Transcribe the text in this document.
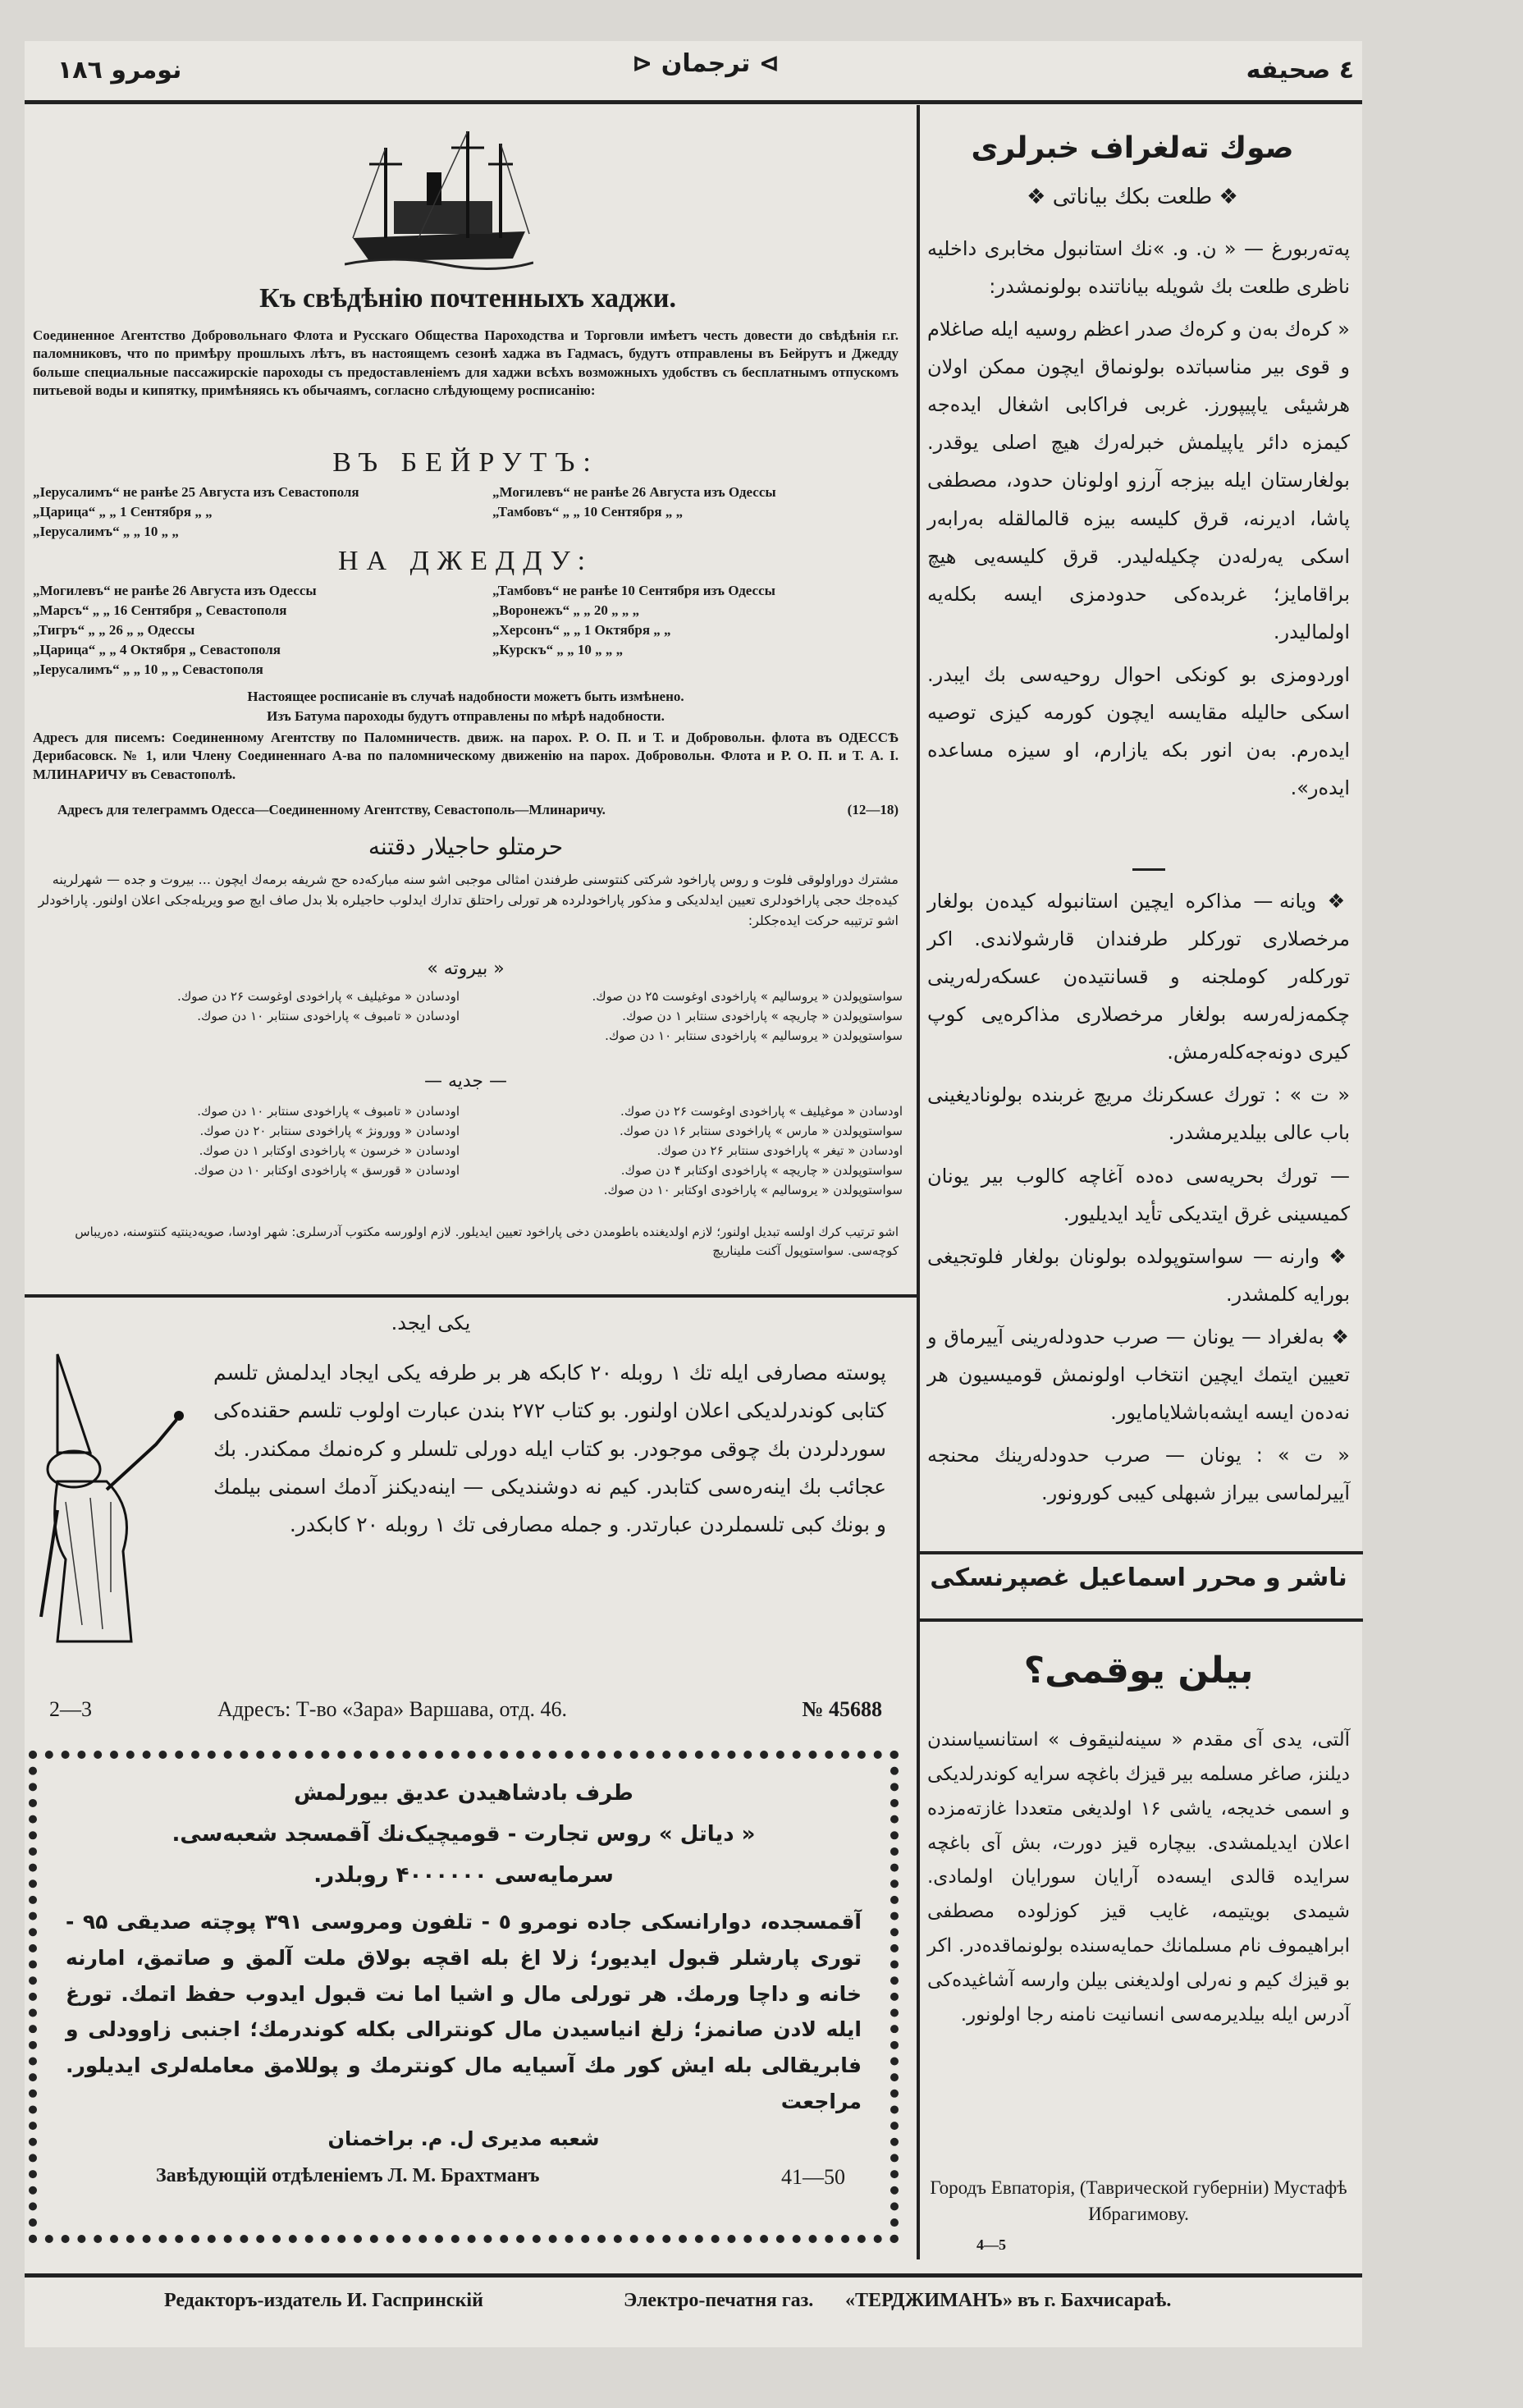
نومرو ١٨٦	⊳ ترجمان ⊲	٤ صحیفه
Къ свѣдѣнію почтенныхъ хаджи.
Соединенное Агентство Добровольнаго Флота и Русскаго Общества Пароходства и Торговли имѣетъ честь довести до свѣдѣнія г.г. паломниковъ, что по примѣру прошлыхъ лѣтъ, въ настоящемъ сезонѣ хаджа въ Гадмасъ, будутъ отправлены въ Бейрутъ и Джедду больше специальные пассажирскіе пароходы съ предоставленіемъ для хаджи всѣхъ возможныхъ удобствъ съ бесплатнымъ отпускомъ питьевой воды и кипятку, примѣняясь къ обычаямъ, согласно слѣдующему росписанію:
ВЪ БЕЙРУТЪ:
„Іерусалимъ“ не ранѣе 25 Августа изъ Севастополя	„Могилевъ“ не ранѣе 26 Августа изъ Одессы
„Царица“ „ „ 1 Сентября „ „	„Тамбовъ“ „ „ 10 Сентября „ „
„Іерусалимъ“ „ „ 10 „ „
НА ДЖЕДДУ:
„Могилевъ“ не ранѣе 26 Августа изъ Одессы	„Тамбовъ“ не ранѣе 10 Сентября изъ Одессы
„Марсъ“ „ „ 16 Сентября „ Севастополя	„Воронежъ“ „ „ 20 „ „ „
„Тигръ“ „ „ 26 „ „ Одессы	„Херсонъ“ „ „ 1 Октября „ „
„Царица“ „ „ 4 Октября „ Севастополя	„Курскъ“ „ „ 10 „ „ „
„Іерусалимъ“ „ „ 10 „ „ Севастополя
Настоящее росписаніе въ случаѣ надобности можетъ быть измѣнено.
Изъ Батума пароходы будутъ отправлены по мѣрѣ надобности.
Адресъ для писемъ: Соединенному Агентству по Паломничеств. движ. на парох. Р. О. П. и Т. и Добровольн. флота въ ОДЕССѢ Дерибасовск. № 1, или Члену Соединеннаго А-ва по паломническому движенію на парох. Добровольн. Флота и Р. О. П. и Т. А. І. МЛИНАРИЧУ въ Севастополѣ.
Адресъ для телеграммъ Одесса—Соединенному Агентству, Севастополь—Млинаричу.	(12—18)
حرمتلو حاجیلار دقتنه
مشترك دوراولوقی فلوت و روس پاراخود شرکتی کنتوسنی طرفندن امثالی موجبی اشو سنه مبارکه‌ده حج شریفه برمه‌ك ایچون ... بیروت و جده — شهرلرینه کیده‌جك حجی پاراخودلری تعیین ایدلدیکی و مذکور پاراخودلرده هر تورلی راحتلق تدارك ایدلوب حاجیلره بلا بدل صاف ایچ صو ویریله‌جکی اعلان اولنور. پاراخودلر اشو ترتیبه حرکت ایده‌جکلر:
« بیروته »
سواستوپولدن « یروسالیم » پاراخودی اوغوست ۲۵ دن صوك.
اودسادن « موغیلیف » پاراخودی اوغوست ۲۶ دن صوك.
سواستوپولدن « چاریچه » پاراخودی سنتابر ۱ دن صوك.
اودسادن « تامبوف » پاراخودی سنتابر ۱۰ دن صوك.
سواستوپولدن « یروسالیم » پاراخودی سنتابر ۱۰ دن صوك.
— جدیه —
اودسادن « موغیلیف » پاراخودی اوغوست ۲۶ دن صوك.
اودسادن « تامبوف » پاراخودی سنتابر ۱۰ دن صوك.
سواستوپولدن « مارس » پاراخودی سنتابر ۱۶ دن صوك.
اودسادن « وورونژ » پاراخودی سنتابر ۲۰ دن صوك.
اودسادن « تیغر » پاراخودی سنتابر ۲۶ دن صوك.
اودسادن « خرسون » پاراخودی اوکتابر ۱ دن صوك.
سواستوپولدن « چاریچه » پاراخودی اوکتابر ۴ دن صوك.
اودسادن « قورسق » پاراخودی اوکتابر ۱۰ دن صوك.
سواستوپولدن « یروسالیم » پاراخودی اوکتابر ۱۰ دن صوك.
اشو ترتیب کرك اولسه تبدیل اولنور؛ لازم اولدیغنده باطومدن دخی پاراخود تعیین ایدیلور. لازم اولورسه مکتوب آدرسلری: شهر اودسا، صویه‌دینتیه کنتوسنه، ده‌ریباس کوچه‌سی. سواستوپول آکنت ملیناریچ
یکی ایجد.
پوسته مصارفی ایله تك ۱ روبله ۲۰ کابکه هر بر طرفه یکی ایجاد ایدلمش تلسم کتابی کوندرلدیکی اعلان اولنور. بو کتاب ۲۷۲ بندن عبارت اولوب تلسم حقنده‌کی سوردلردن بك چوقی موجودر. بو کتاب ایله دورلی تلسلر و کره‌نمك ممکندر. بك عجائب بك اینه‌ره‌سی کتابدر. کیم نه دوشندیکی — اینه‌دیکنز آدمك اسمنی بیلمك و بونك کبی تلسملردن عبارتدر. و جمله مصارفی تك ۱ روبله ۲۰ کابکدر.
2—3	Адресъ: Т-во «Зара» Варшава, отд. 46.	№ 45688
طرف بادشاهیدن عدیق بیورلمش
« دیاتل » روس تجارت - قومیچیک‌نك آقمسجد شعبه‌سی.
سرمایه‌سی ۴۰۰۰۰۰۰ روبلدر.
آقمسجده، دوارانسکی جاده نومرو ٥ - تلفون ومروسی ۳۹۱ پوچته صدیقی ۹۵ - توری پارشلر قبول ایدیور؛ زلا اغ بله اقچه بولاق ملت آلمق و صاتمق، امارنه خانه و داچا ورمك. هر تورلی مال و اشیا اما نت قبول ایدوب حفظ اتمك. تورغ ایله لادن صانمز؛ زلغ انیاسیدن مال کونترالی بکله کوندرمك؛ اجنبی زاوودلی و فابریقالی بله ایش کور مك آسیایه مال کونترمك و پوللامق معامله‌لری ایدیلور. مراجعت
شعبه مدیری ل. م. براخمنان
Завѣдующій отдѣленіемъ Л. М. Брахтманъ	41—50
صوك ته‌لغراف خبرلری
❖ طلعت بکك بیاناتی ❖

پەتەربورغ — « ن. و. »نك استانبول مخابری داخلیه ناظری طلعت بك شویله بیاناتنده بولونمشدر:

« کرەك بەن و کرەك صدر اعظم روسیه ایله صاغلام و قوی بیر مناسباتده بولونماق ایچون ممکن اولان هرشیئی یاپیپورز. غربی فراکابی اشغال ایدەجه کیمزه دائر یاپیلمش خبرلەرك هیچ اصلی یوقدر. بولغارستان ایله بیزجه آرزو اولونان حدود، مصطفی پاشا، ادیرنه، قرق کلیسه بیزه قالمالقله بەرابەر اسکی یەرلەدن چکیله‌لیدر. قرق کلیسەیی هیچ براقامایز؛ غربده‌کی حدودمزی ایسه بکلەیه اولمالیدر.

اوردومزی بو کونکی احوال روحیه‌سی بك ایبدر. اسکی حالیله مقایسه ایچون کورمه کیزی توصیه ایدەرم. بەن انور بکه یازارم، او سیزه مساعده ایدەر».

❖ ویانه — مذاکره ایچین استانبولە کیدەن بولغار مرخصلاری تورکلر طرفندان قارشولاندی. اکر تورکلەر کوملجنه و قسانتیدەن عسکەرلەرینی چکمەزلەرسه بولغار مرخصلاری مذاکرەیی کوپ کیری دونەجەکلەرمش.

« ت » : تورك عسکرنك مریچ غربنده بولونادیغینی باب عالی بیلدیرمشدر.

— تورك بحریەسی دەده آغاچه کالوب بیر یونان کمیسینی غرق ایتدیکی تأید ایدیلیور.

❖ وارنه — سواستوپولده بولونان بولغار فلوتجیغی بورایه کلمشدر.

❖ بەلغراد — یونان — صرب حدودلەرینی آییرماق و تعیین ایتمك ایچین انتخاب اولونمش قومیسیون هر نەدەن ایسه ایشەباشلایامایور.

« ت » : یونان — صرب حدودلەرینك محنجه آییرلماسی بیراز شبهلی کیبی کورونور.

ناشر و محرر اسماعیل غصپرنسکی
بیلن یوقمی؟
آلتی، یدی آی مقدم « سینه‌لنیقوف » استانسیاسندن دیلنز، صاغر مسلمه بیر قیزك باغچه سرایه کوندرلدیکی و اسمی خدیجه، یاشی ۱۶ اولدیغی متعددا غازته‌مزده اعلان ایدیلمشدی. بیچاره قیز دورت، بش آی باغچه سرایده قالدی ایسه‌ده آرایان سورایان اولمادی. شیمدی بویتیمه، غایب قیز کوزلوده مصطفی ابراهیموف نام مسلمانك حمایه‌سنده بولونماقده‌در. اکر بو قیزك کیم و نه‌رلی اولدیغنی بیلن وارسه آشاغیده‌کی آدرس ایله بیلدیرمه‌سی انسانیت نامنه رجا اولونور.
Городъ Евпаторія, (Таврической губерніи) Мустафѣ Ибрагимову.
4—5
Редакторъ-издатель И. Гаспринскій	Электро-печатня газ.	«ТЕРДЖИМАНЪ» въ г. Бахчисараѣ.
